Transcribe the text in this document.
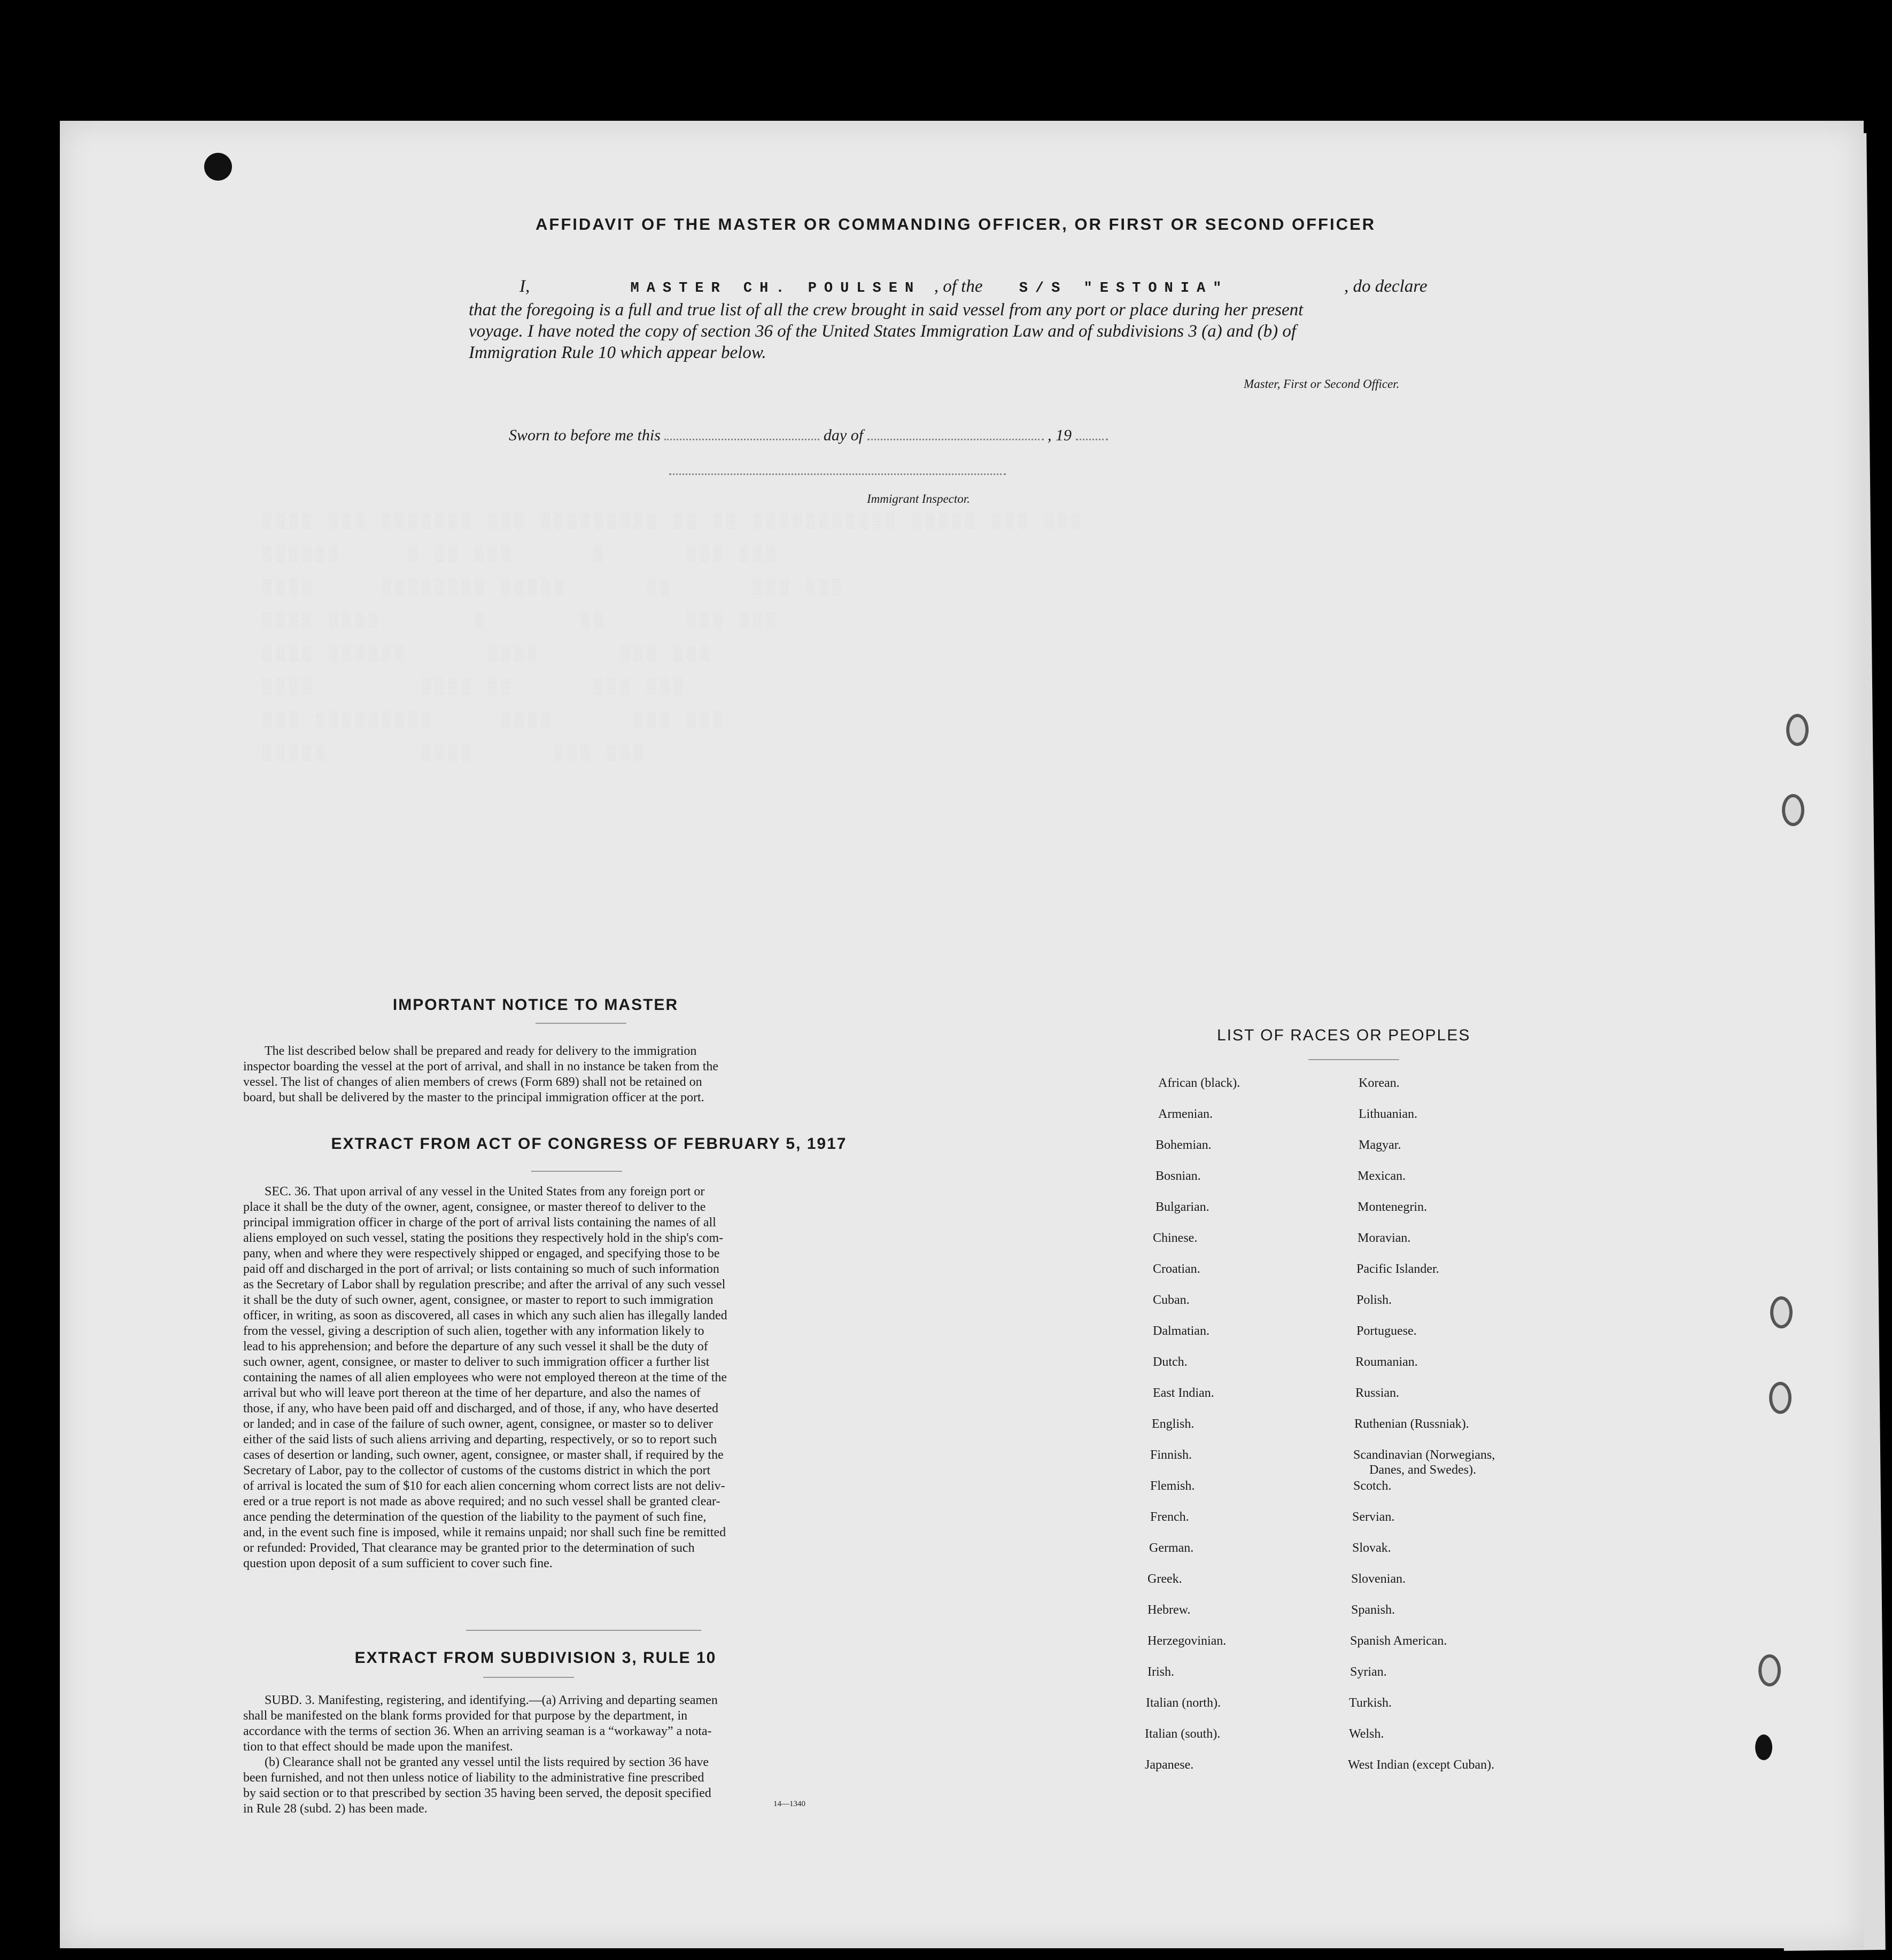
░░░░ ░░░ ░░░░░░░ ░░░ ░░░░░░░░░ ░░ ░░ ░░░░░░░░░░░ ░░░░░ ░░░ ░░░
░░░░░░     ░ ░░ ░░░      ░      ░░░ ░░░
░░░░     ░░░░░░░░ ░░░░░      ░░      ░░░ ░░░
░░░░ ░░░░       ░       ░░      ░░░ ░░░
░░░░ ░░░░░░      ░░░░      ░░░ ░░░
░░░░        ░░░░ ░░      ░░░ ░░░
░░░ ░░░░░░░░░     ░░░░      ░░░ ░░░
░░░░░       ░░░░      ░░░ ░░░
AFFIDAVIT OF THE MASTER OR COMMANDING OFFICER, OR FIRST OR SECOND OFFICER
I,	MASTER CH. POULSEN , of the	S/S "ESTONIA"	, do declare
that the foregoing is a full and true list of all the crew brought in said vessel from any port or place during her present
voyage. I have noted the copy of section 36 of the United States Immigration Law and of subdivisions 3 (a) and (b) of
Immigration Rule 10 which appear below.
Master, First or Second Officer.
Sworn to before me this	day of	, 19
Immigrant Inspector.
IMPORTANT NOTICE TO MASTER
The list described below shall be prepared and ready for delivery to the immigration
inspector boarding the vessel at the port of arrival, and shall in no instance be taken from the
vessel. The list of changes of alien members of crews (Form 689) shall not be retained on
board, but shall be delivered by the master to the principal immigration officer at the port.
EXTRACT FROM ACT OF CONGRESS OF FEBRUARY 5, 1917
SEC. 36. That upon arrival of any vessel in the United States from any foreign port or
place it shall be the duty of the owner, agent, consignee, or master thereof to deliver to the
principal immigration officer in charge of the port of arrival lists containing the names of all
aliens employed on such vessel, stating the positions they respectively hold in the ship's com-
pany, when and where they were respectively shipped or engaged, and specifying those to be
paid off and discharged in the port of arrival; or lists containing so much of such information
as the Secretary of Labor shall by regulation prescribe; and after the arrival of any such vessel
it shall be the duty of such owner, agent, consignee, or master to report to such immigration
officer, in writing, as soon as discovered, all cases in which any such alien has illegally landed
from the vessel, giving a description of such alien, together with any information likely to
lead to his apprehension; and before the departure of any such vessel it shall be the duty of
such owner, agent, consignee, or master to deliver to such immigration officer a further list
containing the names of all alien employees who were not employed thereon at the time of the
arrival but who will leave port thereon at the time of her departure, and also the names of
those, if any, who have been paid off and discharged, and of those, if any, who have deserted
or landed; and in case of the failure of such owner, agent, consignee, or master so to deliver
either of the said lists of such aliens arriving and departing, respectively, or so to report such
cases of desertion or landing, such owner, agent, consignee, or master shall, if required by the
Secretary of Labor, pay to the collector of customs of the customs district in which the port
of arrival is located the sum of $10 for each alien concerning whom correct lists are not deliv-
ered or a true report is not made as above required; and no such vessel shall be granted clear-
ance pending the determination of the question of the liability to the payment of such fine,
and, in the event such fine is imposed, while it remains unpaid; nor shall such fine be remitted
or refunded: Provided, That clearance may be granted prior to the determination of such
question upon deposit of a sum sufficient to cover such fine.
EXTRACT FROM SUBDIVISION 3, RULE 10
SUBD. 3. Manifesting, registering, and identifying.—(a) Arriving and departing seamen
shall be manifested on the blank forms provided for that purpose by the department, in
accordance with the terms of section 36. When an arriving seaman is a “workaway” a nota-
tion to that effect should be made upon the manifest.
(b) Clearance shall not be granted any vessel until the lists required by section 36 have
been furnished, and not then unless notice of liability to the administrative fine prescribed
by said section or to that prescribed by section 35 having been served, the deposit specified
in Rule 28 (subd. 2) has been made.	14—1340
LIST OF RACES OR PEOPLES
African (black).
Armenian.
Bohemian.
Bosnian.
Bulgarian.
Chinese.
Croatian.
Cuban.
Dalmatian.
Dutch.
East Indian.
English.
Finnish.
Flemish.
French.
German.
Greek.
Hebrew.
Herzegovinian.
Irish.
Italian (north).
Italian (south).
Japanese.
Korean.
Lithuanian.
Magyar.
Mexican.
Montenegrin.
Moravian.
Pacific Islander.
Polish.
Portuguese.
Roumanian.
Russian.
Ruthenian (Russniak).
Scandinavian (Norwegians,
Danes, and Swedes).
Scotch.
Servian.
Slovak.
Slovenian.
Spanish.
Spanish American.
Syrian.
Turkish.
Welsh.
West Indian (except Cuban).
